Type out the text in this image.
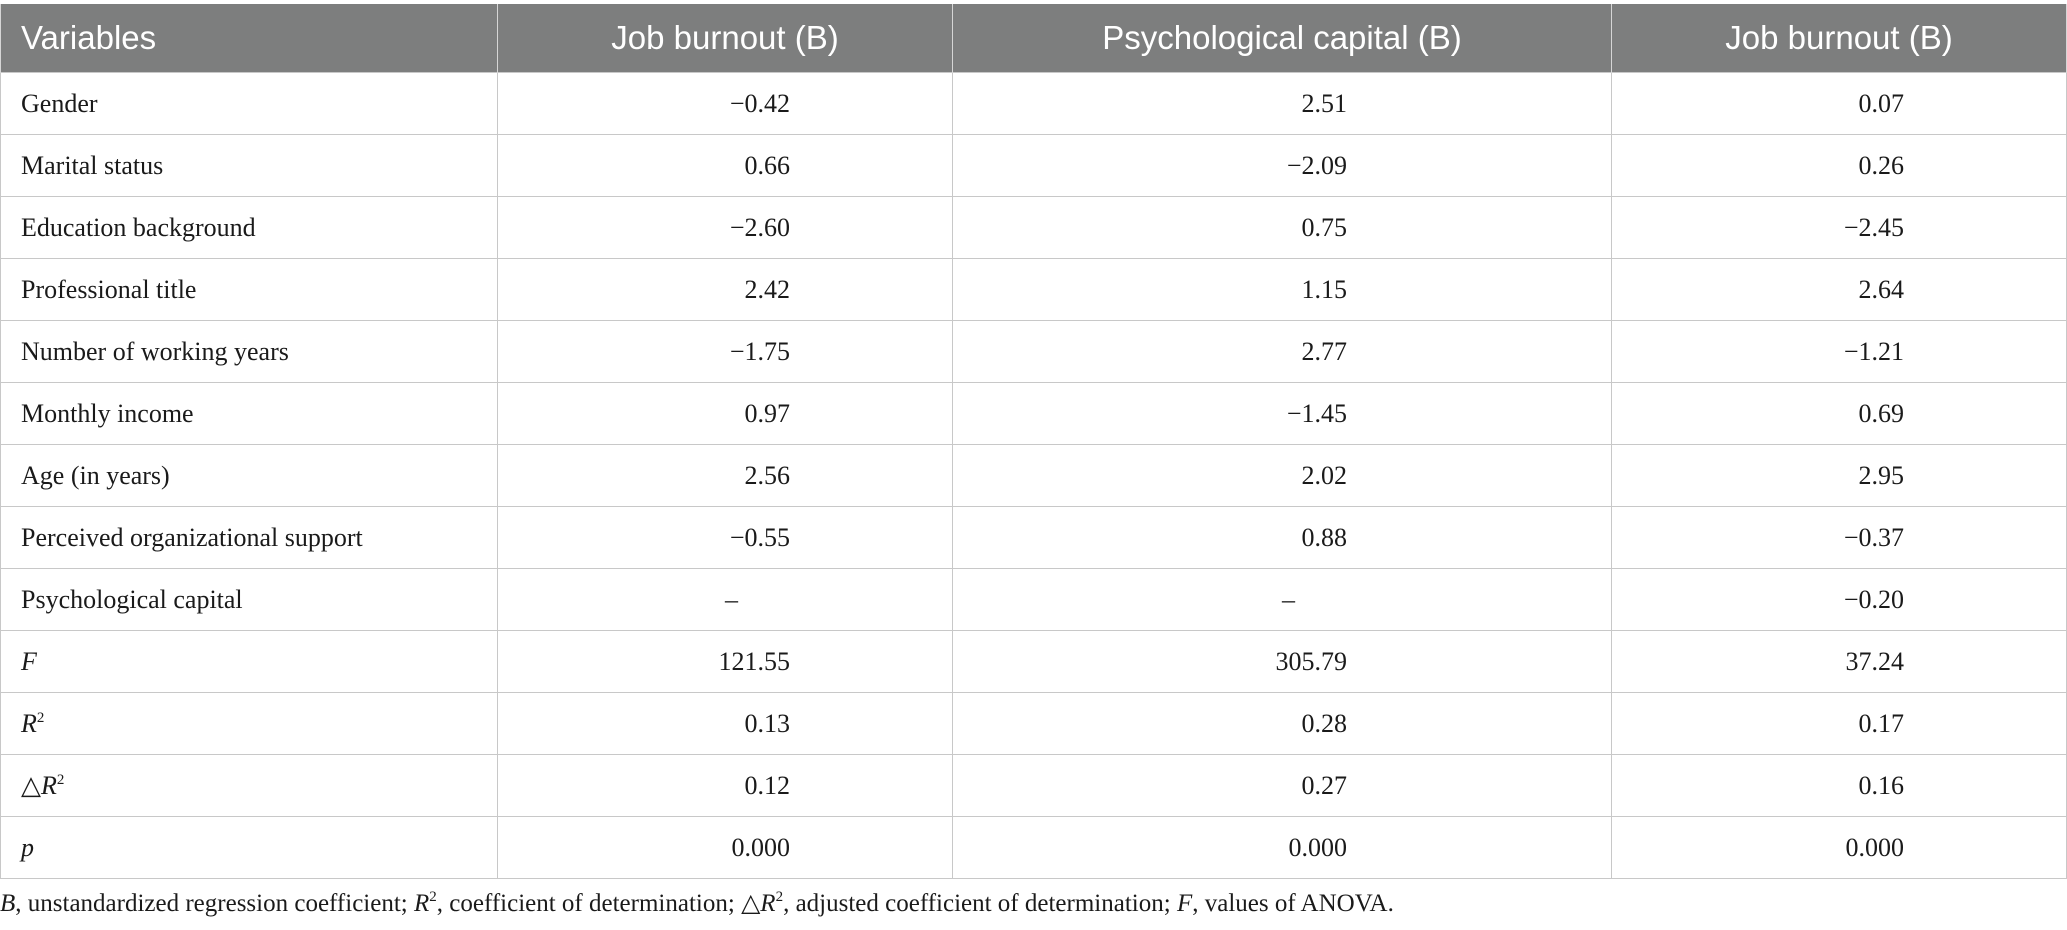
Variables	Job burnout (B)	Psychological capital (B)	Job burnout (B)
Gender	−0.42	2.51	0.07
Marital status	0.66	−2.09	0.26
Education background	−2.60	0.75	−2.45
Professional title	2.42	1.15	2.64
Number of working years	−1.75	2.77	−1.21
Monthly income	0.97	−1.45	0.69
Age (in years)	2.56	2.02	2.95
Perceived organizational support	−0.55	0.88	−0.37
Psychological capital	–	–	−0.20
F	121.55	305.79	37.24
$R^2$	0.13	0.28	0.17
$\triangle R^2$	0.12	0.27	0.16
p	0.000	0.000	0.000
B, unstandardized regression coefficient; $R^2$, coefficient of determination; $\triangle R^2$, adjusted coefficient of determination; F, values of ANOVA.
